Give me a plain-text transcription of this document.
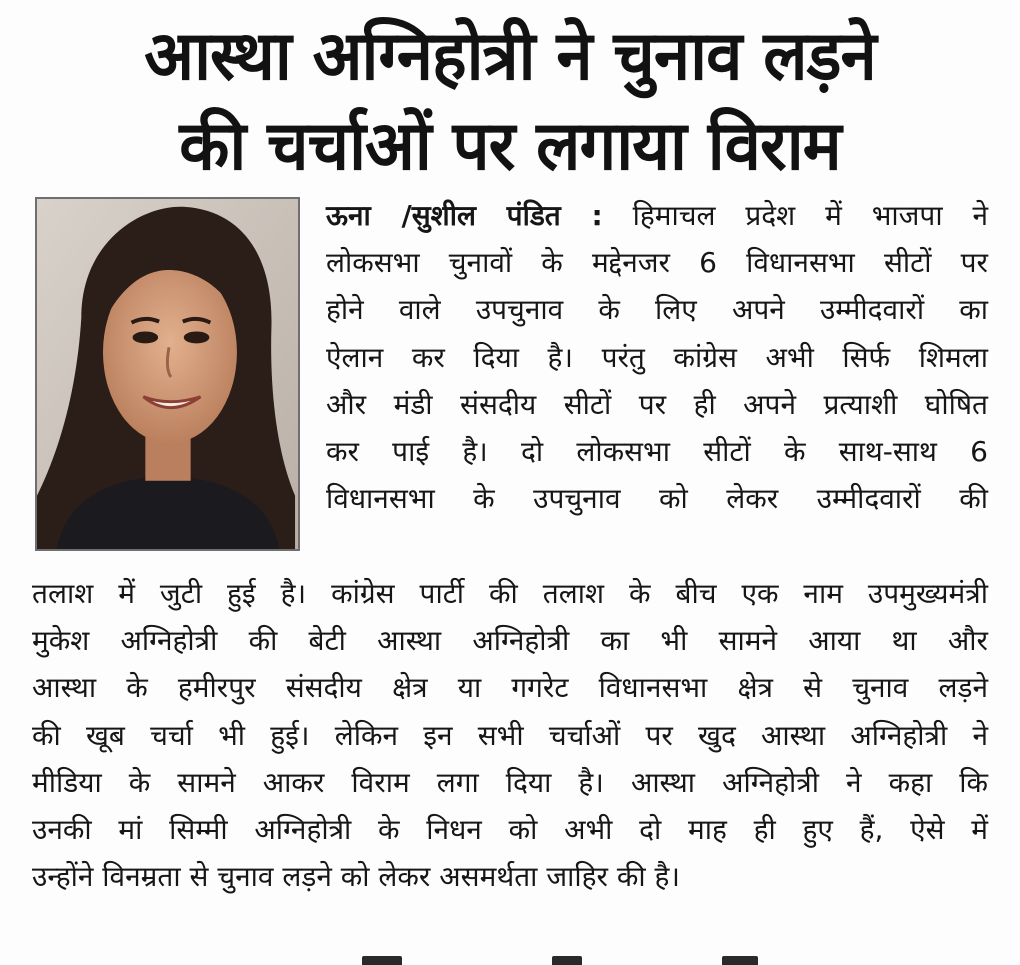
आस्था अग्निहोत्री ने चुनाव लड़ने
की चर्चाओं पर लगाया विराम
ऊना /सुशील पंडित : हिमाचल प्रदेश में भाजपा ने
लोकसभा चुनावों के मद्देनजर 6 विधानसभा सीटों पर
होने वाले उपचुनाव के लिए अपने उम्मीदवारों का
ऐलान कर दिया है। परंतु कांग्रेस अभी सिर्फ शिमला
और मंडी संसदीय सीटों पर ही अपने प्रत्याशी घोषित
कर पाई है। दो लोकसभा सीटों के साथ-साथ 6
विधानसभा के उपचुनाव को लेकर उम्मीदवारों की
तलाश में जुटी हुई है। कांग्रेस पार्टी की तलाश के बीच एक नाम उपमुख्यमंत्री
मुकेश अग्निहोत्री की बेटी आस्था अग्निहोत्री का भी सामने आया था और
आस्था के हमीरपुर संसदीय क्षेत्र या गगरेट विधानसभा क्षेत्र से चुनाव लड़ने
की खूब चर्चा भी हुई। लेकिन इन सभी चर्चाओं पर खुद आस्था अग्निहोत्री ने
मीडिया के सामने आकर विराम लगा दिया है। आस्था अग्निहोत्री ने कहा कि
उनकी मां सिम्मी अग्निहोत्री के निधन को अभी दो माह ही हुए हैं, ऐसे में
उन्होंने विनम्रता से चुनाव लड़ने को लेकर असमर्थता जाहिर की है।
